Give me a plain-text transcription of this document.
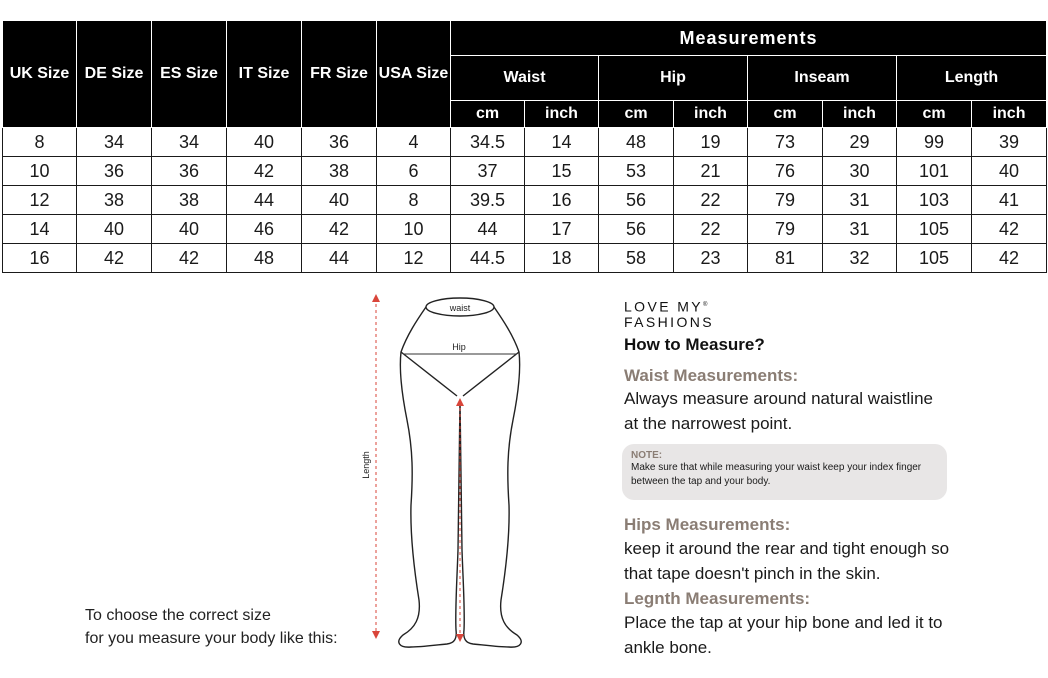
UK Size	DE Size	ES Size	IT Size	FR Size	USA Size	Measurements							
						Waist		Hip		Inseam		Length	
						cm	inch	cm	inch	cm	inch	cm	inch
8	34	34	40	36	4	34.5	14	48	19	73	29	99	39
10	36	36	42	38	6	37	15	53	21	76	30	101	40
12	38	38	44	40	8	39.5	16	56	22	79	31	103	41
14	40	40	46	42	10	44	17	56	22	79	31	105	42
16	42	42	48	44	12	44.5	18	58	23	81	32	105	42
To choose the correct size
for you measure your body like this:
waist
Hip
Length
LOVE MY®
FASHIONS
How to Measure?
Waist Measurements:
Always measure around natural waistline
at the narrowest point.
NOTE:
Make sure that while measuring your waist keep your index finger
between the tap and your body.
Hips Measurements:
keep it around the rear and tight enough so
that tape doesn't pinch in the skin.
Legnth Measurements:
Place the tap at your hip bone and led it to
ankle bone.
